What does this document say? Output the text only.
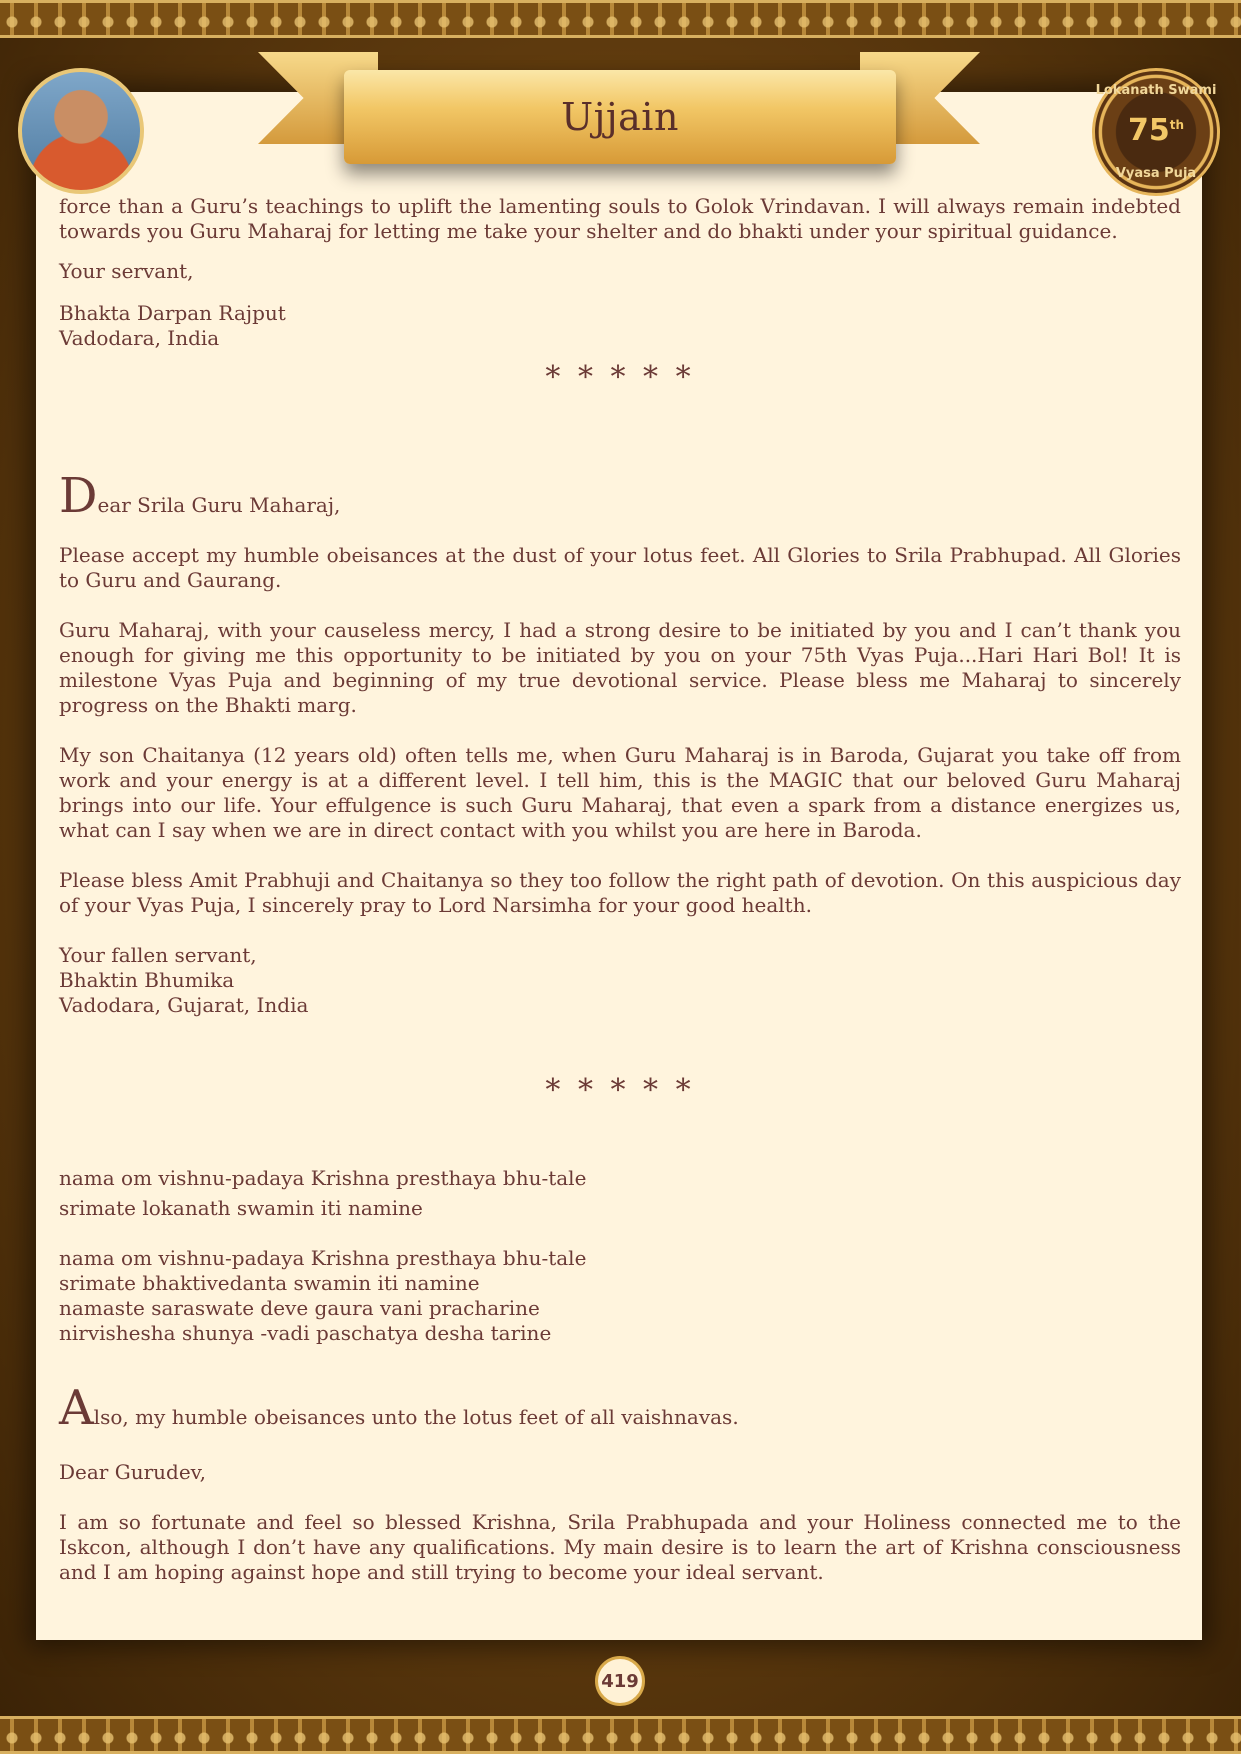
Ujjain
Lokanath Swami
75th
Vyasa Puja

force than a Guru’s teachings to uplift the lamenting souls to Golok Vrindavan. I will always remain indebted towards you Guru Maharaj for letting me take your shelter and do bhakti under your spiritual guidance.

Your servant,

Bhakta Darpan Rajput

Vadodara, India

* * * * *

Dear Srila Guru Maharaj,

Please accept my humble obeisances at the dust of your lotus feet. All Glories to Srila Prabhupad. All Glories to Guru and Gaurang.

Guru Maharaj, with your causeless mercy, I had a strong desire to be initiated by you and I can’t thank you enough for giving me this opportunity to be initiated by you on your 75th Vyas Puja...Hari Hari Bol! It is milestone Vyas Puja and beginning of my true devotional service. Please bless me Maharaj to sincerely progress on the Bhakti marg.

My son Chaitanya (12 years old) often tells me, when Guru Maharaj is in Baroda, Gujarat you take off from work and your energy is at a different level. I tell him, this is the MAGIC that our beloved Guru Maharaj brings into our life. Your effulgence is such Guru Maharaj, that even a spark from a distance energizes us, what can I say when we are in direct contact with you whilst you are here in Baroda.

Please bless Amit Prabhuji and Chaitanya so they too follow the right path of devotion. On this auspicious day of your Vyas Puja, I sincerely pray to Lord Narsimha for your good health.

Your fallen servant,

Bhaktin Bhumika

Vadodara, Gujarat, India

* * * * *

nama om vishnu-padaya Krishna presthaya bhu-tale

srimate lokanath swamin iti namine

nama om vishnu-padaya Krishna presthaya bhu-tale

srimate bhaktivedanta swamin iti namine

namaste saraswate deve gaura vani pracharine

nirvishesha shunya -vadi paschatya desha tarine

Also, my humble obeisances unto the lotus feet of all vaishnavas.

Dear Gurudev,

I am so fortunate and feel so blessed Krishna, Srila Prabhupada and your Holiness connected me to the Iskcon, although I don’t have any qualifications. My main desire is to learn the art of Krishna consciousness and I am hoping against hope and still trying to become your ideal servant.

419
